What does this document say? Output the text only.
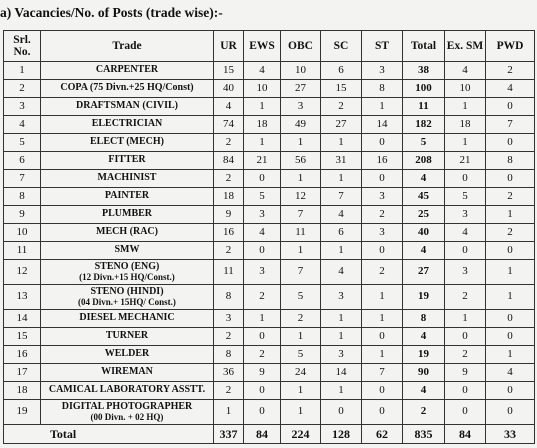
a) Vacancies/No. of Posts (trade wise):-
Srl. No.	Trade	UR	EWS	OBC	SC	ST	Total	Ex. SM	PWD
1	CARPENTER	15	4	10	6	3	38	4	2
2	COPA (75 Divn.+25 HQ/Const)	40	10	27	15	8	100	10	4
3	DRAFTSMAN (CIVIL)	4	1	3	2	1	11	1	0
4	ELECTRICIAN	74	18	49	27	14	182	18	7
5	ELECT (MECH)	2	1	1	1	0	5	1	0
6	FITTER	84	21	56	31	16	208	21	8
7	MACHINIST	2	0	1	1	0	4	0	0
8	PAINTER	18	5	12	7	3	45	5	2
9	PLUMBER	9	3	7	4	2	25	3	1
10	MECH (RAC)	16	4	11	6	3	40	4	2
11	SMW	2	0	1	1	0	4	0	0
12	STENO (ENG)
(12 Divn.+15 HQ/Const.)	11	3	7	4	2	27	3	1
13	STENO (HINDI)
(04 Divn.+ 15HQ/ Const.)	8	2	5	3	1	19	2	1
14	DIESEL MECHANIC	3	1	2	1	1	8	1	0
15	TURNER	2	0	1	1	0	4	0	0
16	WELDER	8	2	5	3	1	19	2	1
17	WIREMAN	36	9	24	14	7	90	9	4
18	CAMICAL LABORATORY ASSTT.	2	0	1	1	0	4	0	0
19	DIGITAL PHOTOGRAPHER
(00 Divn. + 02 HQ)	1	0	1	0	0	2	0	0
Total		337	84	224	128	62	835	84	33
